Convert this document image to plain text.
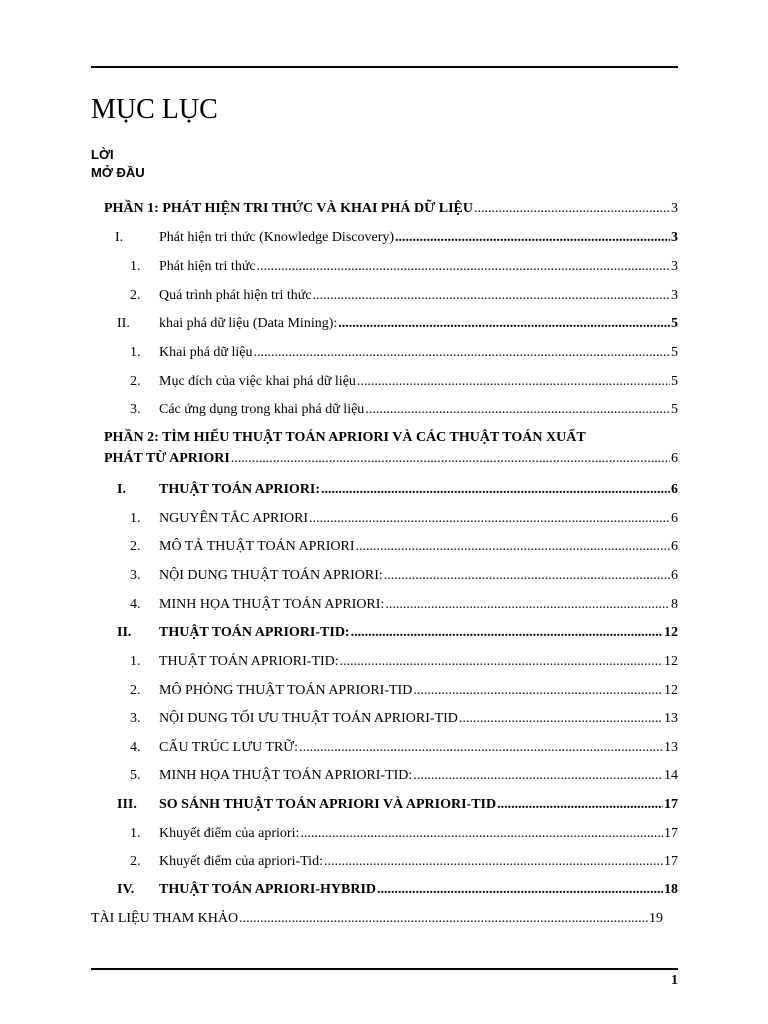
MỤC LỤC
LỜI
MỞ ĐẦU
PHẦN 1: PHÁT HIỆN TRI THỨC VÀ KHAI PHÁ DỮ LIỆU .....	3
I.	Phát hiện tri thức (Knowledge Discovery) .....	3
1.	Phát hiện tri thức .....	3
2.	Quá trình phát hiện tri thức .....	3
II.	khai phá dữ liệu (Data Mining): .....	5
1.	Khai phá dữ liệu .....	5
2.	Mục đích của việc khai phá dữ liệu .....	5
3.	Các ứng dụng trong khai phá dữ liệu .....	5
PHẦN 2: TÌM HIỂU THUẬT TOÁN APRIORI VÀ CÁC THUẬT TOÁN XUẤT
PHÁT TỪ APRIORI .....	6
I.	THUẬT TOÁN APRIORI: .....	6
1.	NGUYÊN TẮC APRIORI .....	6
2.	MÔ TẢ THUẬT TOÁN APRIORI .....	6
3.	NỘI DUNG THUẬT TOÁN APRIORI: .....	6
4.	MINH HỌA THUẬT TOÁN APRIORI: .....	8
II.	THUẬT TOÁN APRIORI-TID: .....	12
1.	THUẬT TOÁN APRIORI-TID: .....	12
2.	MÔ PHỎNG THUẬT TOÁN APRIORI-TID .....	12
3.	NỘI DUNG TỐI ƯU THUẬT TOÁN APRIORI-TID .....	13
4.	CẤU TRÚC LƯU TRỮ: .....	13
5.	MINH HỌA THUẬT TOÁN APRIORI-TID: .....	14
III.	SO SÁNH THUẬT TOÁN APRIORI VÀ APRIORI-TID .....	17
1.	Khuyết điểm của apriori: .....	17
2.	Khuyết điểm của apriori-Tid: .....	17
IV.	THUẬT TOÁN APRIORI-HYBRID .....	18
TÀI LIỆU THAM KHẢO .....	19
1
